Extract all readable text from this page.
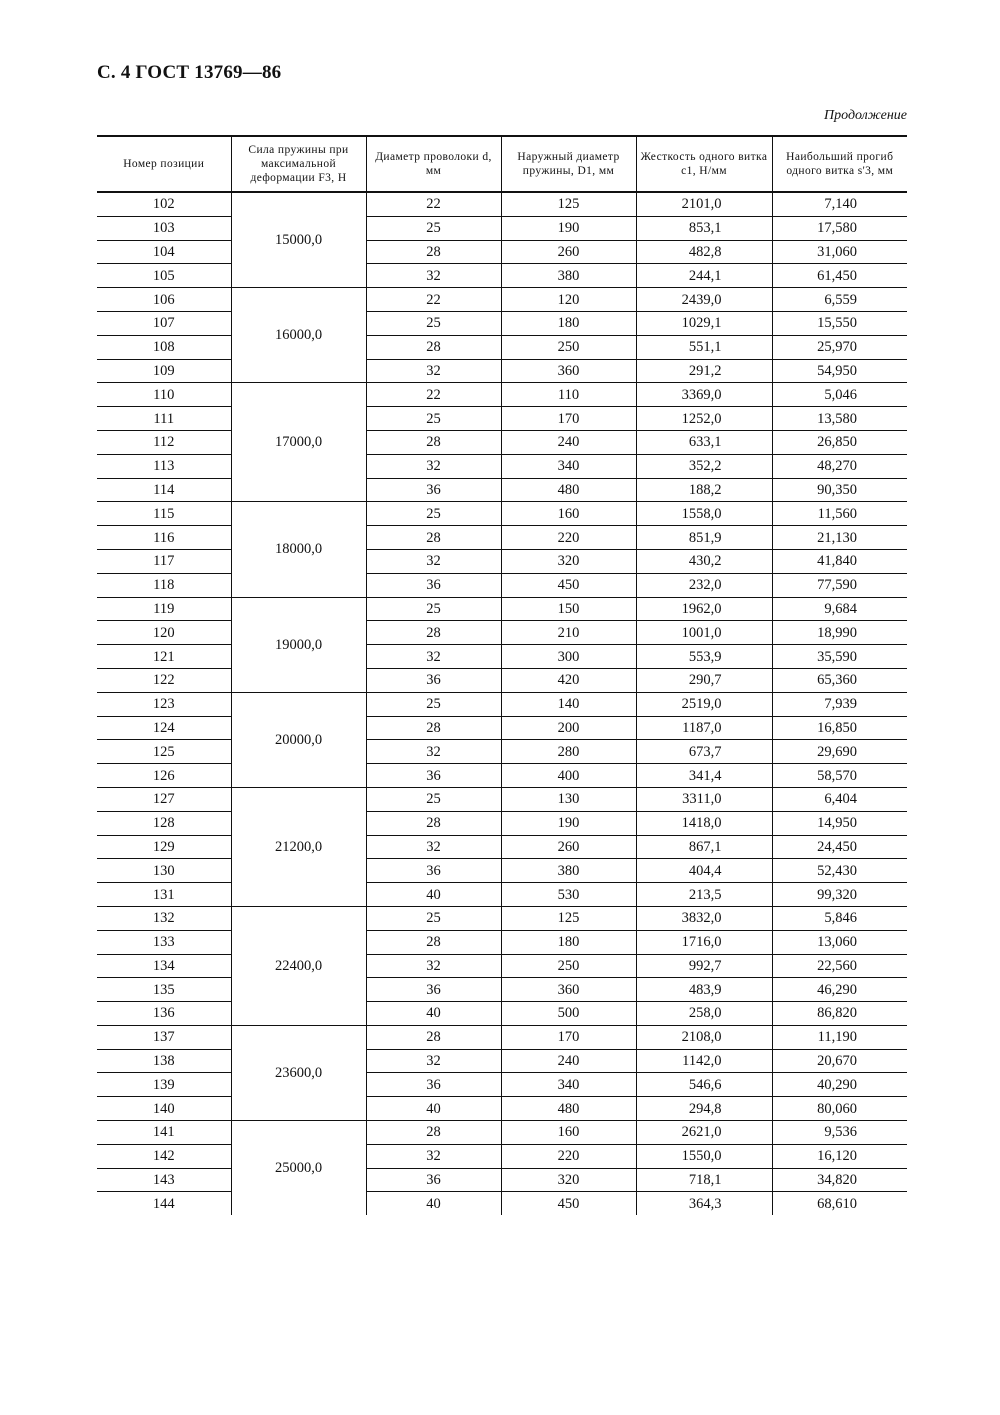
С. 4 ГОСТ 13769—86
Продолжение
Номер позиции	Сила пружины при максимальной деформации F3, Н	Диаметр проволоки d, мм	Наружный диаметр пружины, D1, мм	Жесткость одного витка c1, Н/мм	Наибольший прогиб одного витка s'3, мм
102	15000,0	22	125	2101,0	7,140
103		25	190	853,1	17,580
104		28	260	482,8	31,060
105		32	380	244,1	61,450
106	16000,0	22	120	2439,0	6,559
107		25	180	1029,1	15,550
108		28	250	551,1	25,970
109		32	360	291,2	54,950
110	17000,0	22	110	3369,0	5,046
111		25	170	1252,0	13,580
112		28	240	633,1	26,850
113		32	340	352,2	48,270
114		36	480	188,2	90,350
115	18000,0	25	160	1558,0	11,560
116		28	220	851,9	21,130
117		32	320	430,2	41,840
118		36	450	232,0	77,590
119	19000,0	25	150	1962,0	9,684
120		28	210	1001,0	18,990
121		32	300	553,9	35,590
122		36	420	290,7	65,360
123	20000,0	25	140	2519,0	7,939
124		28	200	1187,0	16,850
125		32	280	673,7	29,690
126		36	400	341,4	58,570
127	21200,0	25	130	3311,0	6,404
128		28	190	1418,0	14,950
129		32	260	867,1	24,450
130		36	380	404,4	52,430
131		40	530	213,5	99,320
132	22400,0	25	125	3832,0	5,846
133		28	180	1716,0	13,060
134		32	250	992,7	22,560
135		36	360	483,9	46,290
136		40	500	258,0	86,820
137	23600,0	28	170	2108,0	11,190
138		32	240	1142,0	20,670
139		36	340	546,6	40,290
140		40	480	294,8	80,060
141	25000,0	28	160	2621,0	9,536
142		32	220	1550,0	16,120
143		36	320	718,1	34,820
144		40	450	364,3	68,610
